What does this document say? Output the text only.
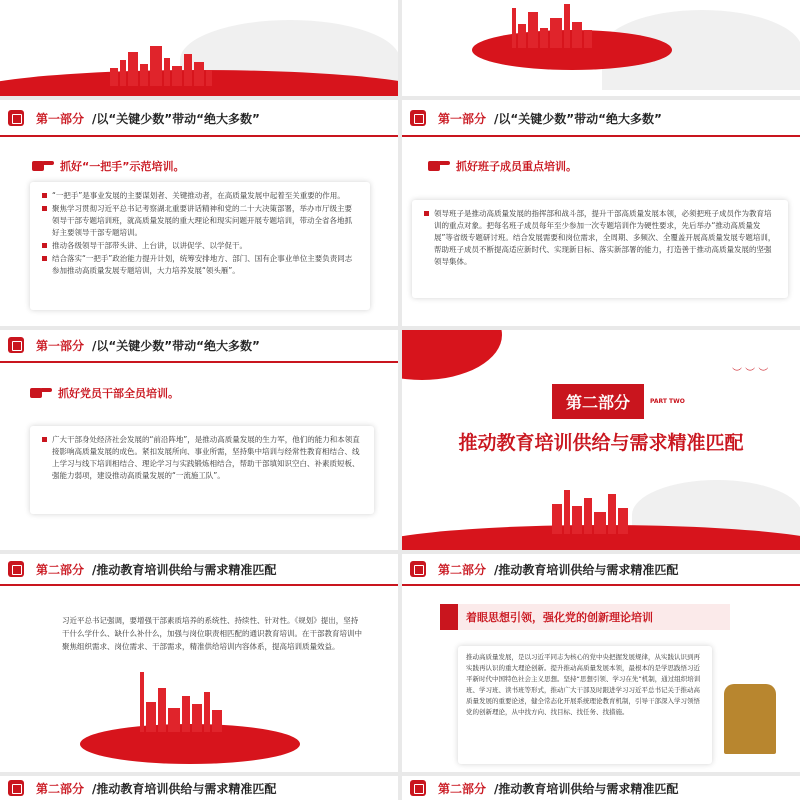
第一部分 /以“关键少数”带动“绝大多数”
抓好“一把手”示范培训。
“一把手”是事业发展的主要谋划者、关键推动者，在高质量发展中起着至关重要的作用。
聚焦学习贯彻习近平总书记考察湖北重要讲话精神和党的二十大决策部署，举办市厅级主要领导干部专题培训班，就高质量发展的重大理论和现实问题开展专题培训，带动全省各地抓好主要领导干部专题培训。
推动各级领导干部带头讲、上台讲，以讲促学、以学促干。
结合落实“一把手”政治能力提升计划，统筹安排地方、部门、国有企事业单位主要负责同志参加推动高质量发展专题培训，大力培养发展“领头雁”。
第一部分 /以“关键少数”带动“绝大多数”
抓好班子成员重点培训。
领导班子是推动高质量发展的指挥部和战斗部，提升干部高质量发展本领，必须把班子成员作为教育培训的重点对象。把每名班子成员每年至少参加一次专题培训作为硬性要求，先后举办“推动高质量发展”等省级专题研讨班。结合发展需要和岗位需求，全周期、多频次、全覆盖开展高质量发展专题培训，帮助班子成员不断提高适应新时代、实现新目标、落实新部署的能力，打造善于推动高质量发展的坚强领导集体。
第一部分 /以“关键少数”带动“绝大多数”
抓好党员干部全员培训。
广大干部身处经济社会发展的“前沿阵地”，是推动高质量发展的生力军，他们的能力和本领直接影响高质量发展的成色。紧扣发展所向、事业所需，坚持集中培训与经常性教育相结合、线上学习与线下培训相结合、理论学习与实践锻炼相结合，帮助干部填知识空白、补素质短板、强能力弱项，建设推动高质量发展的“一流施工队”。
第二部分	PART TWO
推动教育培训供给与需求精准匹配
︶ ︶ ︶
第二部分 /推动教育培训供给与需求精准匹配
习近平总书记强调，要增强干部素质培养的系统性、持续性、针对性。《规划》提出，坚持干什么学什么、缺什么补什么，加强与岗位职责相匹配的通识教育培训。在干部教育培训中聚焦组织需求、岗位需求、干部需求，精准供给培训内容体系，提高培训质量效益。
第二部分 /推动教育培训供给与需求精准匹配
着眼思想引领，强化党的创新理论培训
推动高质量发展，是以习近平同志为核心的党中央把握发展规律，从实践认识到再实践再认识的重大理论创新。提升推动高质量发展本领，最根本的是学思践悟习近平新时代中国特色社会主义思想。坚持“思想引领、学习在先”机制，通过组织培训班、学习班、读书班等形式，推动广大干部及时跟进学习习近平总书记关于推动高质量发展的重要论述，健全常态化开展系统理论教育机制，引导干部深入学习领悟党的创新理论，从中找方向、找目标、找任务、找措施。
第二部分 /推动教育培训供给与需求精准匹配	第二部分 /推动教育培训供给与需求精准匹配
